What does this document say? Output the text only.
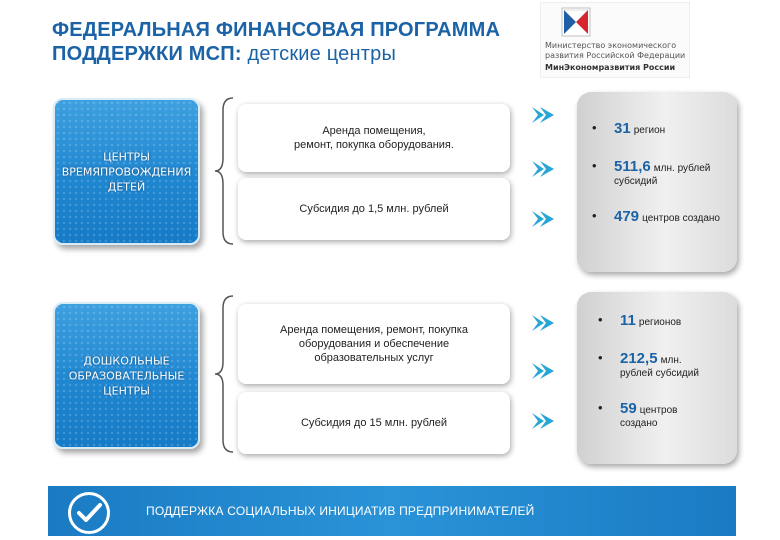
ФЕДЕРАЛЬНАЯ ФИНАНСОВАЯ ПРОГРАММА
ПОДДЕРЖКИ МСП: детские центры	Министерство экономического
развития Российской Федерации
МинЭкономразвития России
ЦЕНТРЫ
ВРЕМЯПРОВОЖДЕНИЯ
ДЕТЕЙ
Аренда помещения,
ремонт, покупка оборудования.
Субсидия до 1,5 млн. рублей
• 31 регион
• 511,6 млн. рублей
субсидий
• 479 центров создано
ДОШКОЛЬНЫЕ
ОБРАЗОВАТЕЛЬНЫЕ
ЦЕНТРЫ
Аренда помещения, ремонт, покупка
оборудования и обеспечение
образовательных услуг
Субсидия до 15 млн. рублей
• 11 регионов
• 212,5 млн.
рублей субсидий
• 59 центров
создано
ПОДДЕРЖКА СОЦИАЛЬНЫХ ИНИЦИАТИВ ПРЕДПРИНИМАТЕЛЕЙ
